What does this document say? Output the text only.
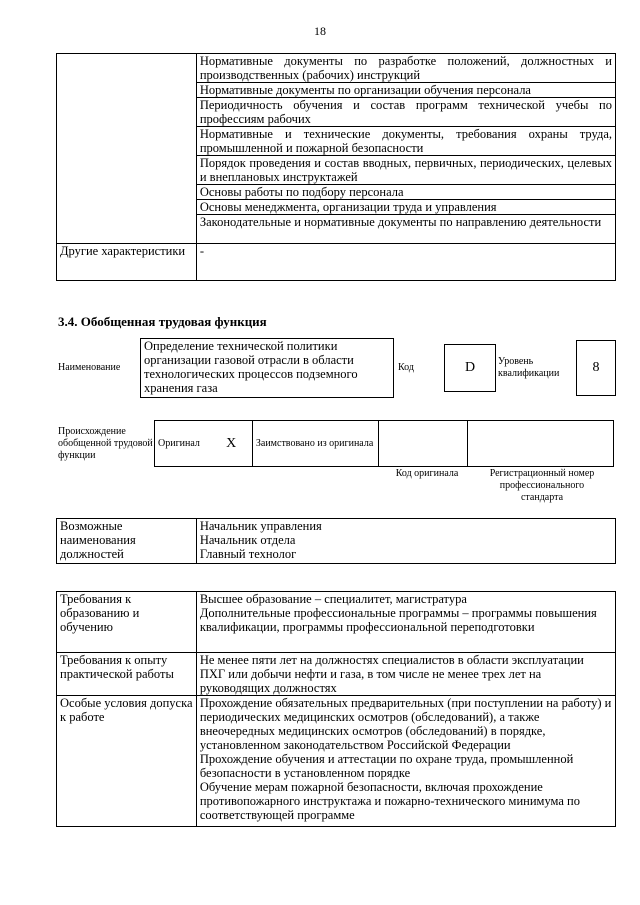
18
	Нормативные документы по разработке положений, должностных и производственных (рабочих) инструкций
	Нормативные документы по организации обучения персонала
	Периодичность обучения и состав программ технической учебы по профессиям рабочих
	Нормативные и технические документы, требования охраны труда, промышленной и пожарной безопасности
	Порядок проведения и состав вводных, первичных, периодических, целевых и внеплановых инструктажей
	Основы работы по подбору персонала
	Основы менеджмента, организации труда и управления
	Законодательные и нормативные документы по направлению деятельности
Другие характеристики	-
3.4. Обобщенная трудовая функция
Наименование
Определение технической политики организации газовой отрасли в области технологических процессов подземного хранения газа
Код	D	Уровень квалификации	8
Происхождение обобщенной трудовой функции
Оригинал	X	Заимствовано из оригинала		
Код оригинала	Регистрационный номер профессионального стандарта
Возможные наименования должностей	
Начальник управления
Начальник отдела
Главный технолог
Требования к образованию и обучению	Высшее образование – специалитет, магистратура
Дополнительные профессиональные программы – программы повышения квалификации, программы профессиональной переподготовки

Требования к опыту практической работы	Не менее пяти лет на должностях специалистов в области эксплуатации ПХГ или добычи нефти и газа, в том числе не менее трех лет на руководящих должностях

Особые условия допуска к работе	Прохождение обязательных предварительных (при поступлении на работу) и периодических медицинских осмотров (обследований), а также внеочередных медицинских осмотров (обследований) в порядке, установленном законодательством Российской Федерации
Прохождение обучения и аттестации по охране труда, промышленной безопасности в установленном порядке
Обучение мерам пожарной безопасности, включая прохождение противопожарного инструктажа и пожарно-технического минимума по соответствующей программе
